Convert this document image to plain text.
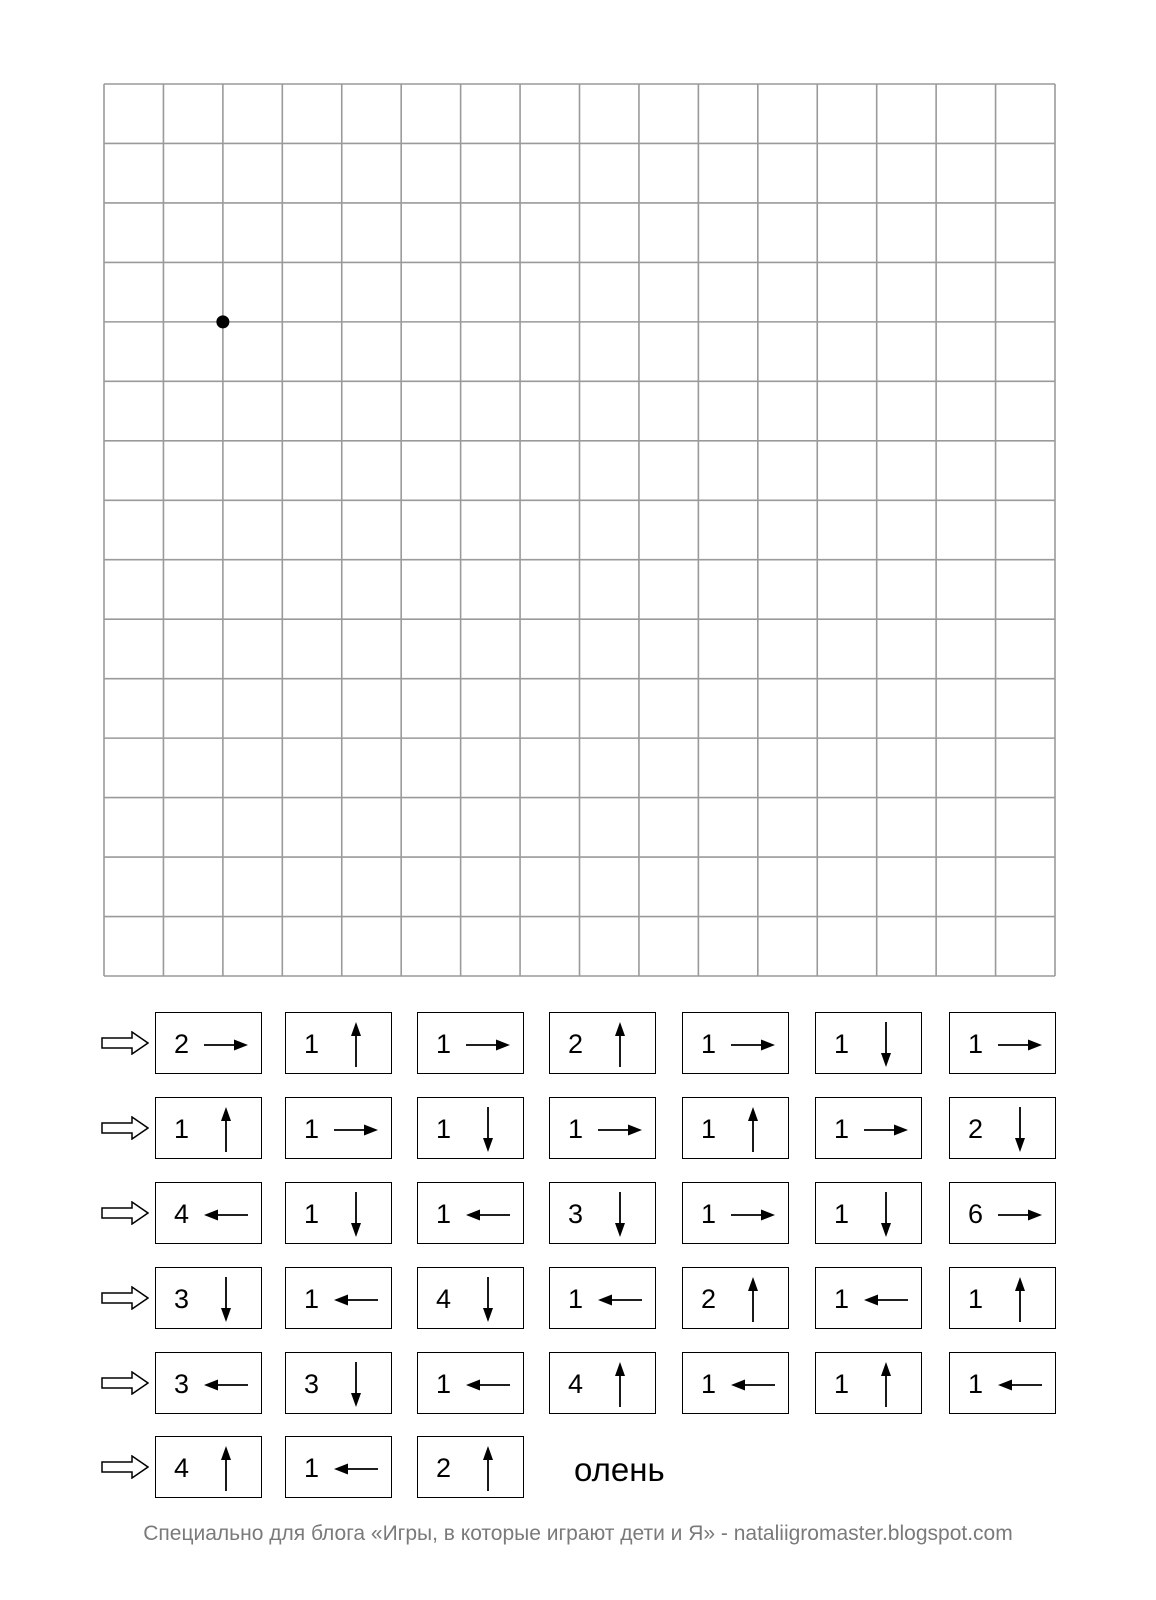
2	1	1	2	1	1	1
1	1	1	1	1	1	2
4	1	1	3	1	1	6
3	1	4	1	2	1	1
3	3	1	4	1	1	1
4	1	2	олень
Специально для блога «Игры, в которые играют дети и Я» - nataliigromaster.blogspot.com
